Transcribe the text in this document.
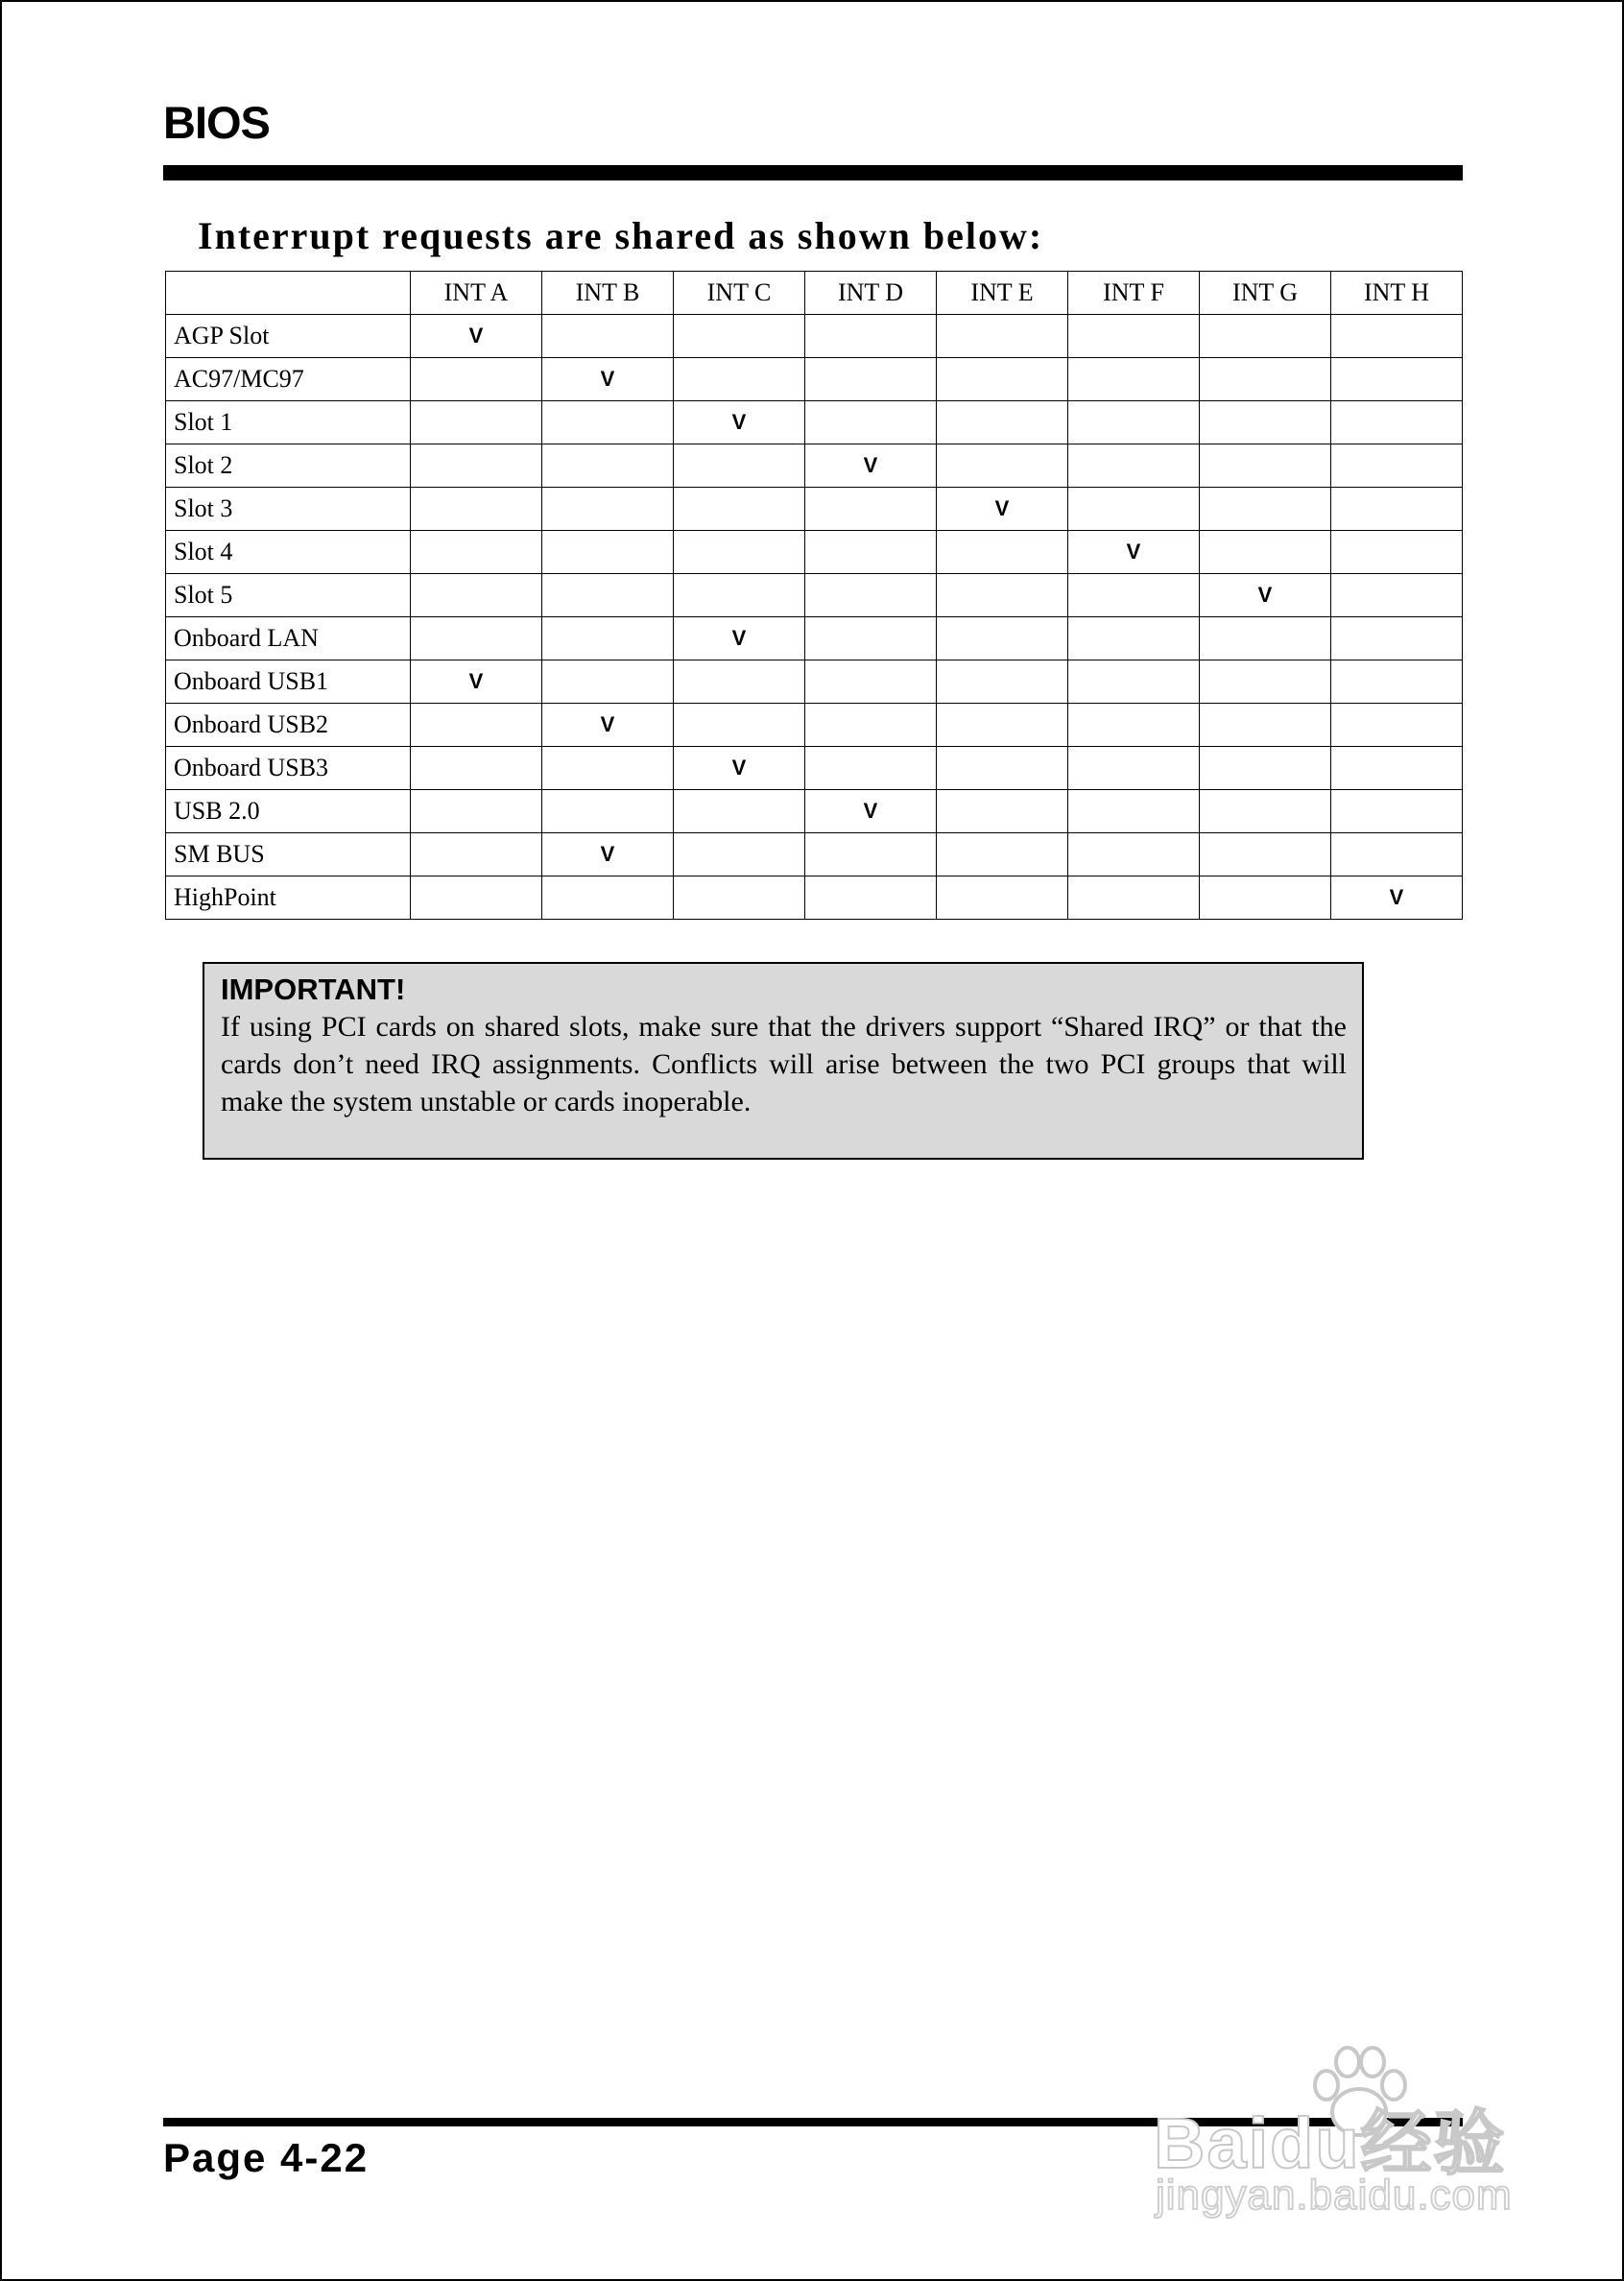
BIOS
Interrupt requests are shared as shown below:
	INT A	INT B	INT C	INT D	INT E	INT F	INT G	INT H
AGP Slot	V							
AC97/MC97		V						
Slot 1			V					
Slot 2				V				
Slot 3					V			
Slot 4						V		
Slot 5							V	
Onboard LAN			V					
Onboard USB1	V							
Onboard USB2		V						
Onboard USB3			V					
USB 2.0				V				
SM BUS		V						
HighPoint								V
IMPORTANT!
If using PCI cards on shared slots, make sure that the drivers support “Shared IRQ” or that the cards don’t need IRQ assignments. Conflicts will arise between the two PCI groups that will make the system unstable or cards inoperable.
Page 4-22	Baidu经验
jingyan.baidu.com
